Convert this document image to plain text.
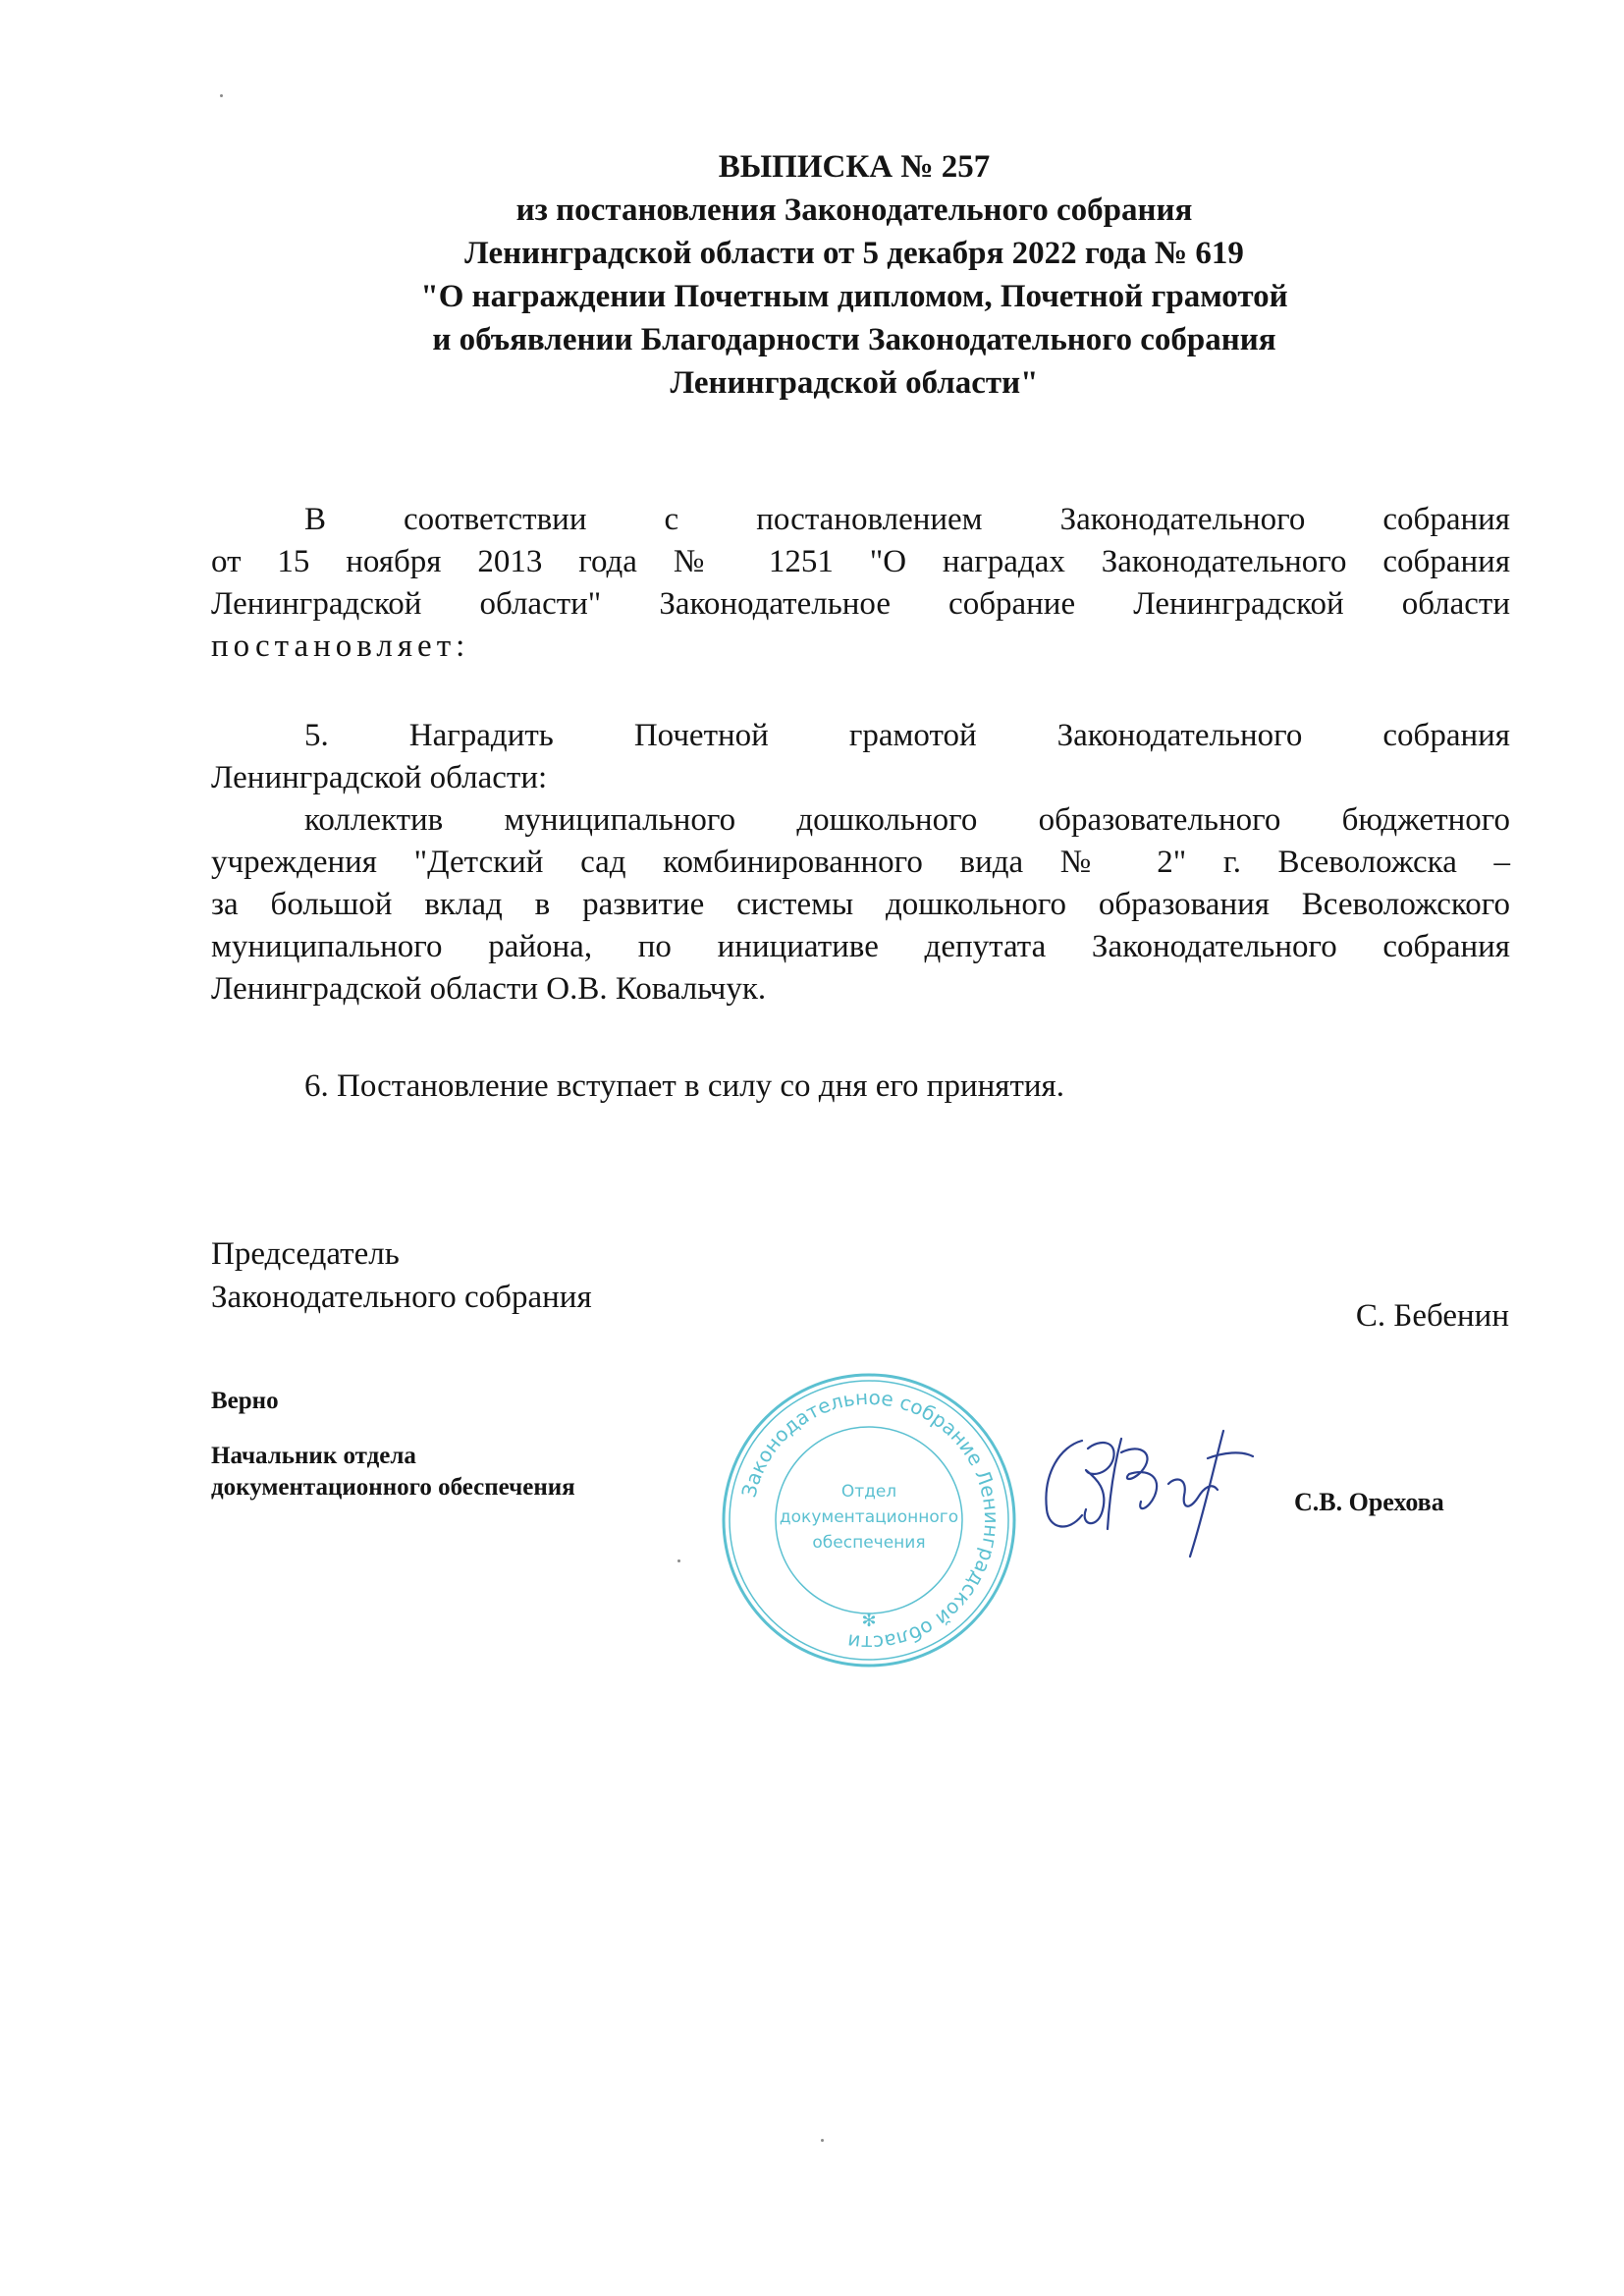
ВЫПИСКА № 257
из постановления Законодательного собрания
Ленинградской области от 5 декабря 2022 года № 619
"О награждении Почетным дипломом, Почетной грамотой
и объявлении Благодарности Законодательного собрания
Ленинградской области"
В соответствии с постановлением Законодательного собрания
от 15 ноября 2013 года № 1251 "О наградах Законодательного собрания
Ленинградской области" Законодательное собрание Ленинградской области
постановляет:
5. Наградить Почетной грамотой Законодательного собрания
Ленинградской области:
коллектив муниципального дошкольного образовательного бюджетного
учреждения "Детский сад комбинированного вида № 2" г. Всеволожска –
за большой вклад в развитие системы дошкольного образования Всеволожского
муниципального района, по инициативе депутата Законодательного собрания
Ленинградской области О.В. Ковальчук.
6. Постановление вступает в силу со дня его принятия.
Председатель
Законодательного собрания
С. Бебенин
Верно
Начальник отдела
документационного обеспечения
С.В. Орехова
Законодательное собрание Ленинградской области
✻
Отдел
документационного
обеспечения
